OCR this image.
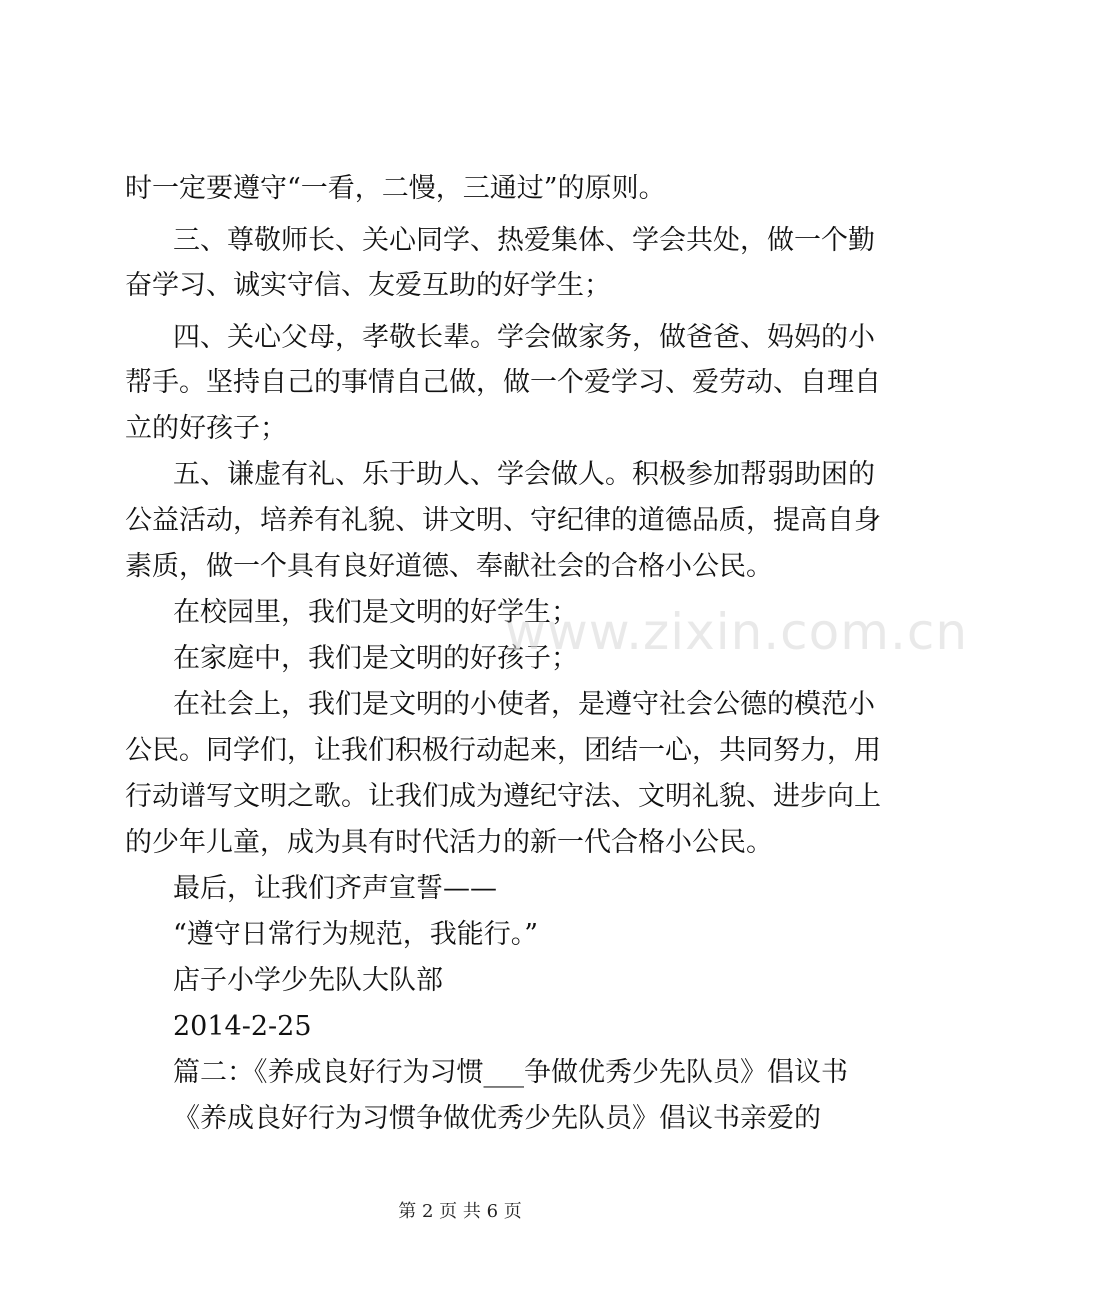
时一定要遵守“一看，二慢，三通过”的原则。
三、尊敬师长、关心同学、热爱集体、学会共处，做一个勤
奋学习、诚实守信、友爱互助的好学生；
四、关心父母，孝敬长辈。学会做家务，做爸爸、妈妈的小
帮手。坚持自己的事情自己做，做一个爱学习、爱劳动、自理自
立的好孩子；
五、谦虚有礼、乐于助人、学会做人。积极参加帮弱助困的
公益活动，培养有礼貌、讲文明、守纪律的道德品质，提高自身
素质，做一个具有良好道德、奉献社会的合格小公民。
在校园里，我们是文明的好学生；
在家庭中，我们是文明的好孩子；
在社会上，我们是文明的小使者，是遵守社会公德的模范小
公民。同学们，让我们积极行动起来，团结一心，共同努力，用
行动谱写文明之歌。让我们成为遵纪守法、文明礼貌、进步向上
的少年儿童，成为具有时代活力的新一代合格小公民。
最后，让我们齐声宣誓——
“遵守日常行为规范，我能行。”
店子小学少先队大队部
2014-2-25
篇二：《养成良好行为习惯___争做优秀少先队员》倡议书
《养成良好行为习惯争做优秀少先队员》倡议书亲爱的
www.zixin.com.cn
第 2 页 共 6 页
